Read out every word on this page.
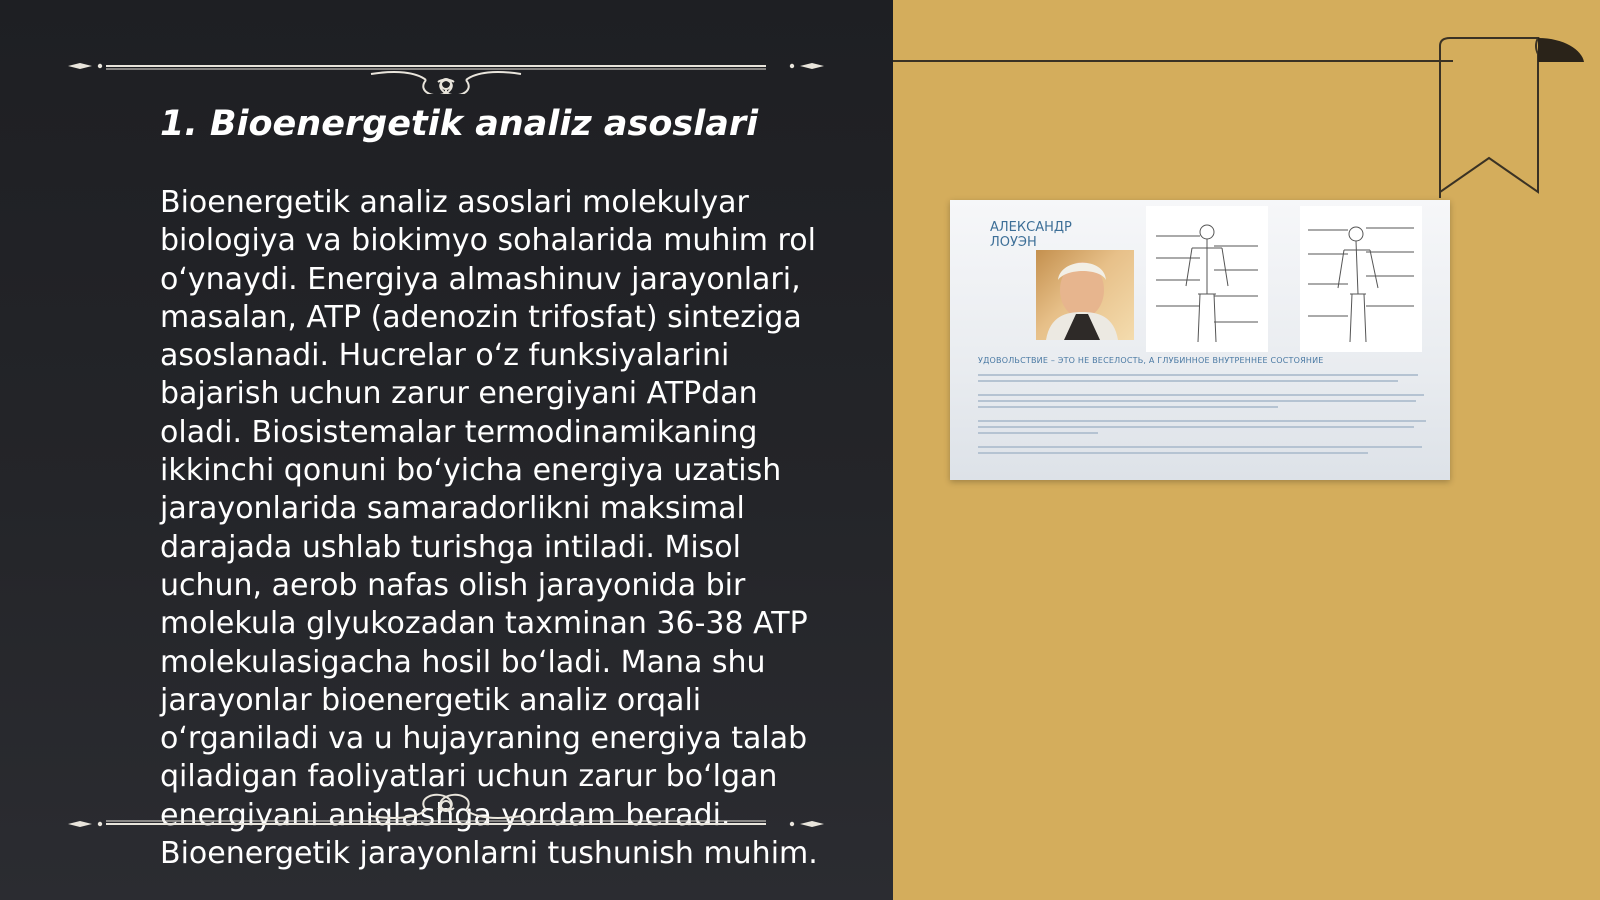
1. Bioenergetik analiz asoslari

Bioenergetik analiz asoslari molekulyar biologiya va biokimyo sohalarida muhim rol oʻynaydi. Energiya almashinuv jarayonlari, masalan, ATP (adenozin trifosfat) sinteziga asoslanadi. Hucrelar oʻz funksiyalarini bajarish uchun zarur energiyani ATPdan oladi. Biosistemalar termodinamikaning ikkinchi qonuni boʻyicha energiya uzatish jarayonlarida samaradorlikni maksimal darajada ushlab turishga intiladi. Misol uchun, aerob nafas olish jarayonida bir molekula glyukozadan taxminan 36-38 ATP molekulasigacha hosil boʻladi. Mana shu jarayonlar bioenergetik analiz orqali oʻrganiladi va u hujayraning energiya talab qiladigan faoliyatlari uchun zarur boʻlgan energiyani aniqlashga yordam beradi. Bioenergetik jarayonlarni tushunish muhim.

АЛЕКСАНДР ЛОУЭН
УДОВОЛЬСТВИЕ – ЭТО НЕ ВЕСЕЛОСТЬ, А ГЛУБИННОЕ ВНУТРЕННЕЕ СОСТОЯНИЕ
